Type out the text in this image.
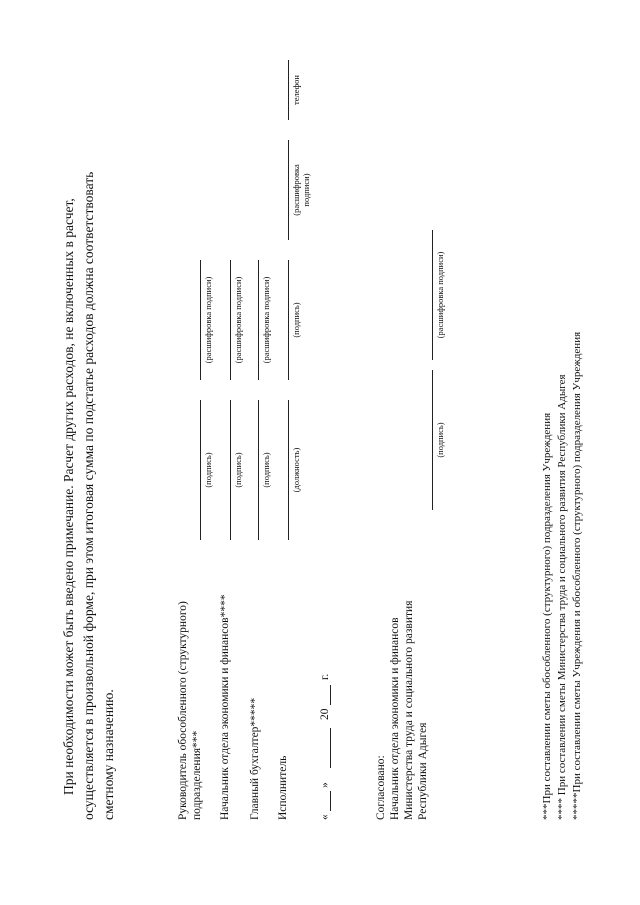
При необходимости может быть введено примечание. Расчет других расходов, не включенных в расчет, осуществляется в произвольной форме, при этом итоговая сумма по подстатье расходов должна соответствовать сметному назначению.	Руководитель обособленного (структурного) подразделения***
(подпись)
(расшифровка подписи)
Начальник отдела экономики и финансов****
(подпись)
(расшифровка подписи)
Главный бухгалтер*****
(подпись)
(расшифровка подписи)
Исполнитель
(должность)
(подпись)
(расшифровка подписи)
телефон
«
»
20
г.
Согласовано: Начальник отдела экономики и финансов Министерства труда и социального развития Республики Адыгея
(подпись)
(расшифровка подписи)
***При составлении сметы обособленного (структурного) подразделения Учреждения **** При составлении сметы Министерства труда и социального развития Республики Адыгея *****При составлении сметы Учреждения и обособленного (структурного) подразделения Учреждения
